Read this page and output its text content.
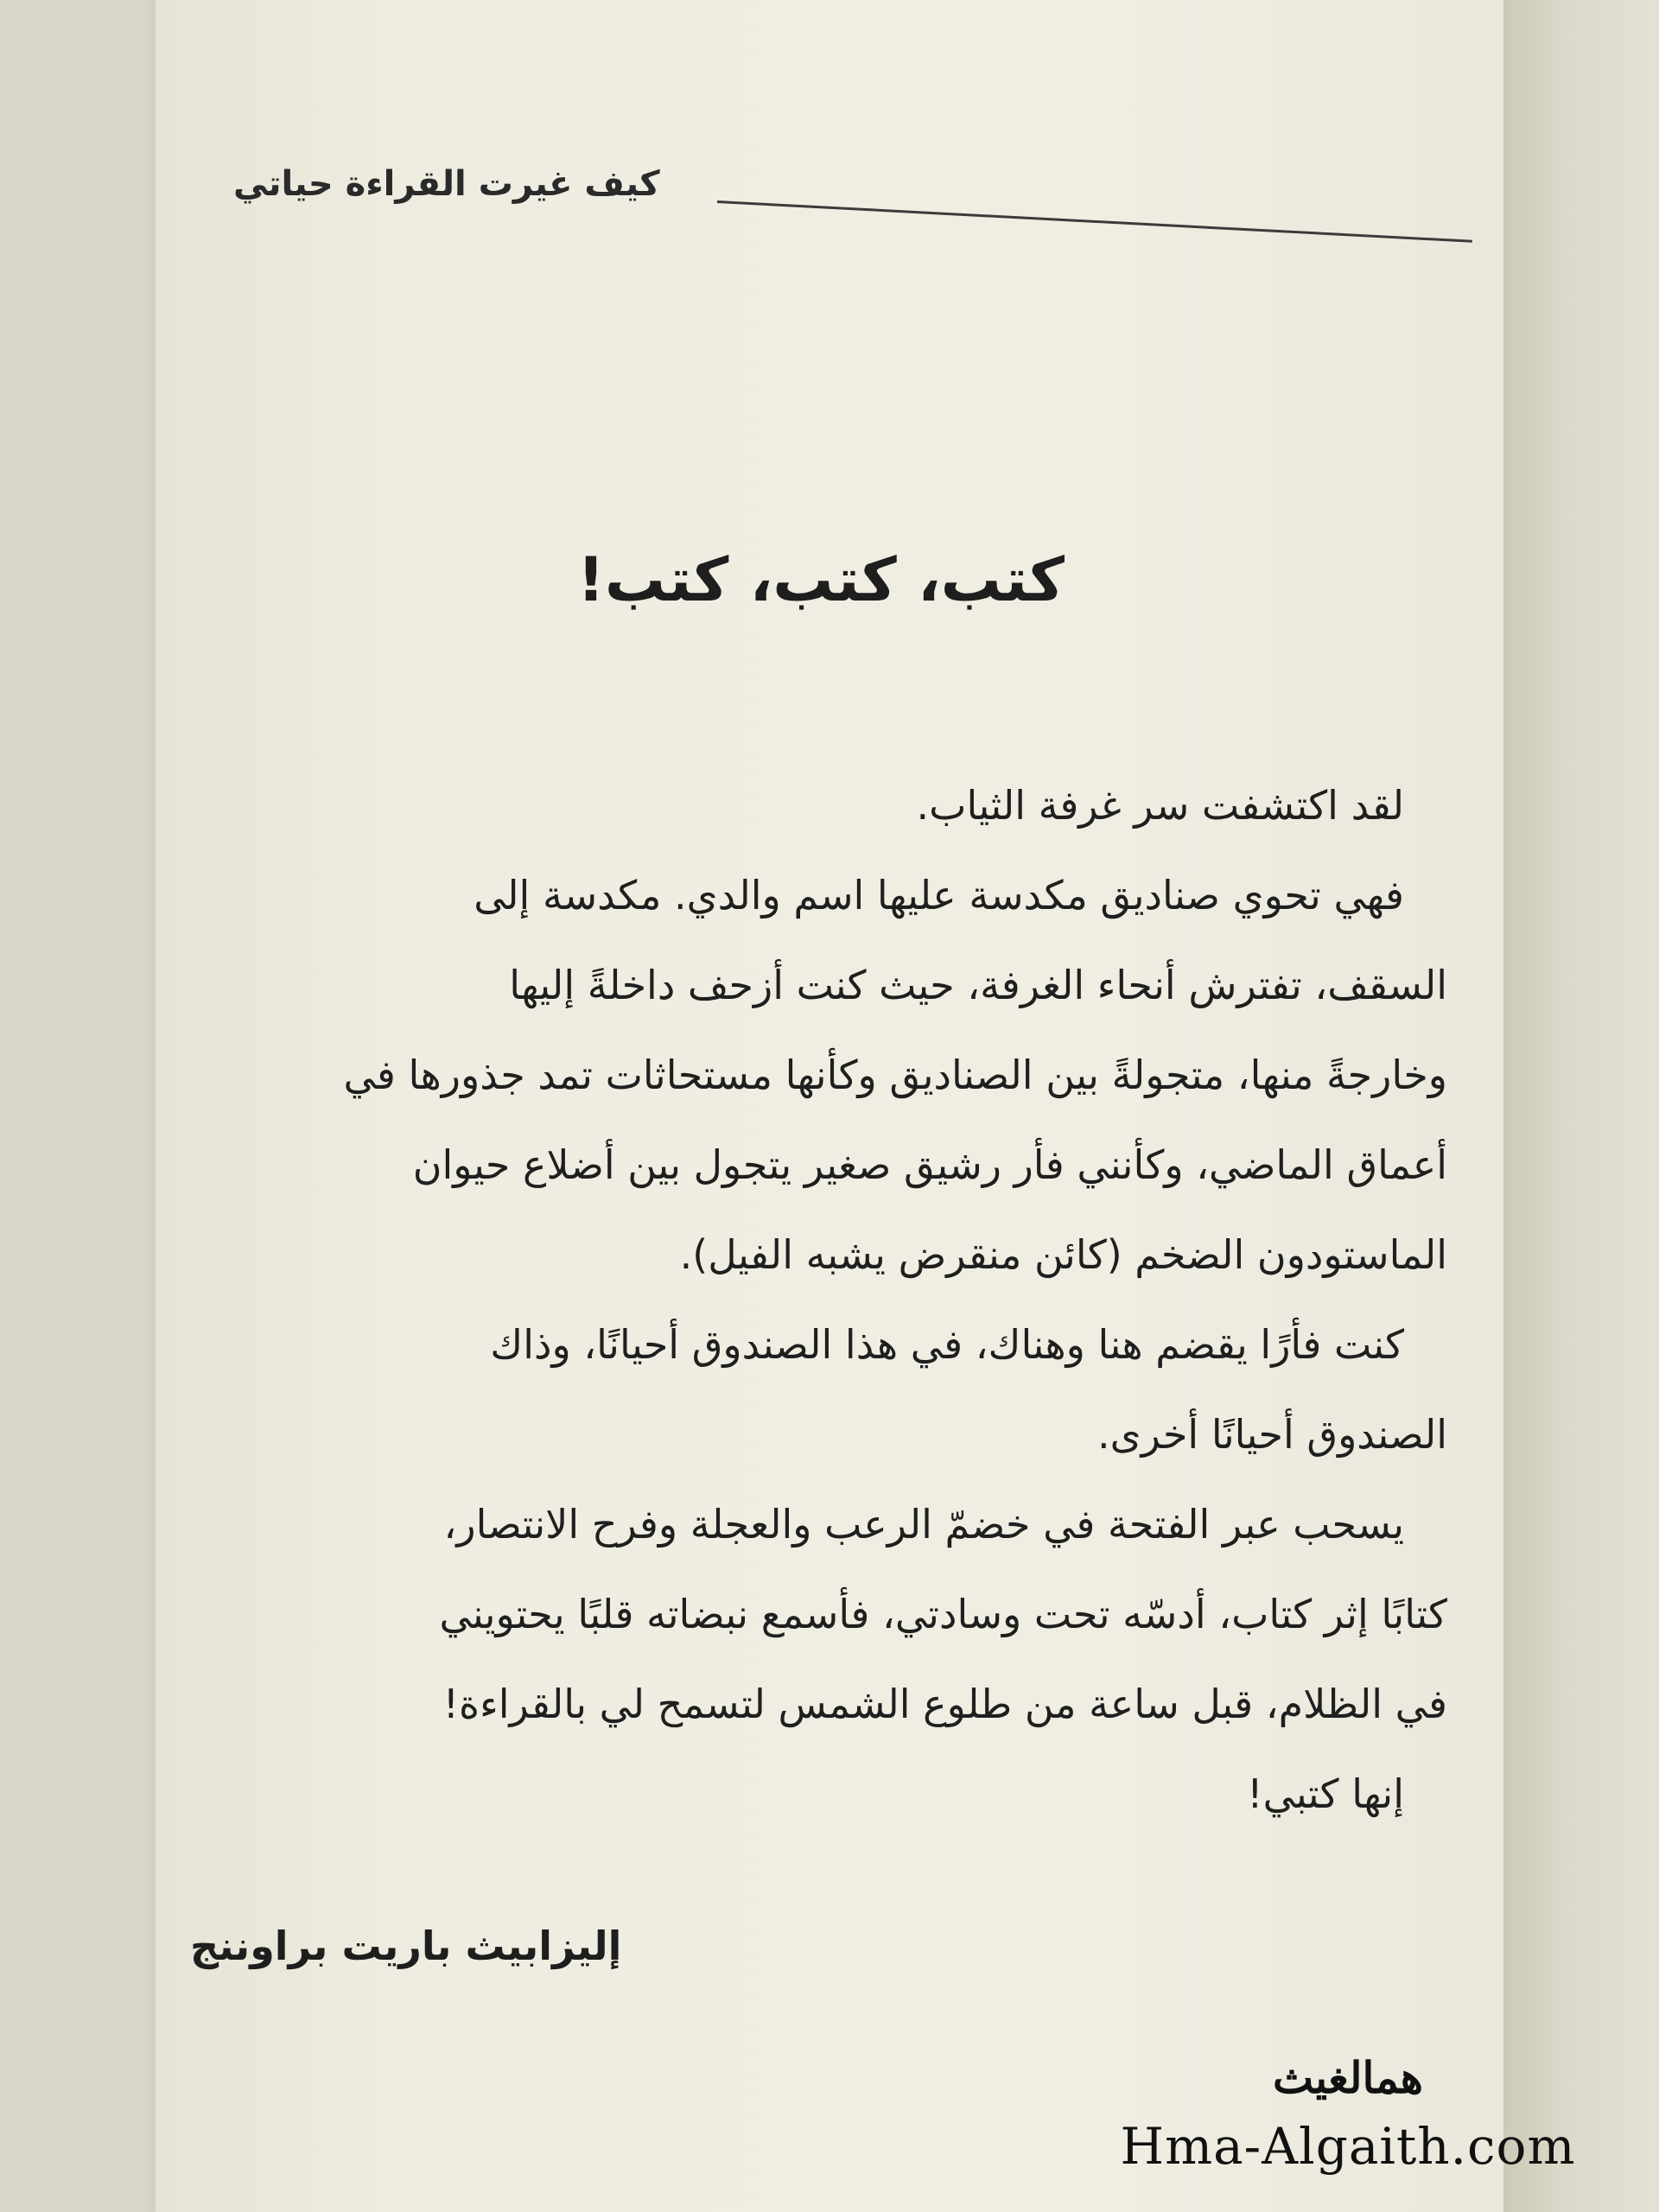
كيف غيرت القراءة حياتي
كتب، كتب، كتب!
لقد اكتشفت سر غرفة الثياب.
فهي تحوي صناديق مكدسة عليها اسم والدي. مكدسة إلى
السقف، تفترش أنحاء الغرفة، حيث كنت أزحف داخلةً إليها
وخارجةً منها، متجولةً بين الصناديق وكأنها مستحاثات تمد جذورها في
أعماق الماضي، وكأنني فأر رشيق صغير يتجول بين أضلاع حيوان
الماستودون الضخم (كائن منقرض يشبه الفيل).
كنت فأرًا يقضم هنا وهناك، في هذا الصندوق أحيانًا، وذاك
الصندوق أحيانًا أخرى.
يسحب عبر الفتحة في خضمّ الرعب والعجلة وفرح الانتصار،
كتابًا إثر كتاب، أدسّه تحت وسادتي، فأسمع نبضاته قلبًا يحتويني
في الظلام، قبل ساعة من طلوع الشمس لتسمح لي بالقراءة!
إنها كتبي!
إليزابيث باريت براوننج
همالغيث
Hma-Algaith.com
